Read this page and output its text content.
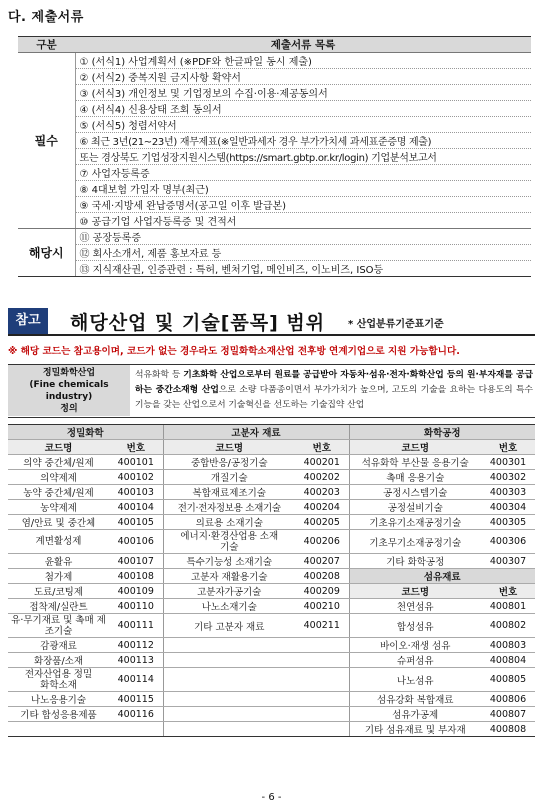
다. 제출서류
구분	제출서류 목록
필수	① (서식1) 사업계획서 (※PDF와 한글파일 동시 제출)
	② (서식2) 중복지원 금지사항 확약서
	③ (서식3) 개인정보 및 기업정보의 수집·이용·제공동의서
	④ (서식4) 신용상태 조회 동의서
	⑤ (서식5) 청렴서약서
	⑥ 최근 3년(21~23년) 재무제표(※일반과세자 경우 부가가치세 과세표준증명 제출)
	또는 경상북도 기업성장지원시스템(https://smart.gbtp.or.kr/login) 기업분석보고서
	⑦ 사업자등록증
	⑧ 4대보험 가입자 명부(최근)
	⑨ 국세·지방세 완납증명서(공고일 이후 발급본)
	⑩ 공급기업 사업자등록증 및 견적서
해당시	⑪ 공장등록증
	⑫ 회사소개서, 제품 홍보자료 등
	⑬ 지식재산권, 인증관련 : 특허, 벤처기업, 메인비즈, 이노비즈, ISO등
참고	해당산업 및 기술[품목] 범위 * 산업분류기준표기준
※ 해당 코드는 참고용이며, 코드가 없는 경우라도 정밀화학소재산업 전후방 연계기업으로 지원 가능합니다.
정밀화학산업
(Fine chemicals industry)
정의
석유화학 등 기초화학 산업으로부터 원료를 공급받아 자동차·섬유·전자·화학산업 등의 원·부자재를 공급하는 중간소재형 산업으로 소량 다품종이면서 부가가치가 높으며, 고도의 기술을 요하는 다용도의 특수기능을 갖는 산업으로서 기술혁신을 선도하는 기술집약 산업
정밀화학		고분자 재료		화학공정	
코드명	번호	코드명	번호	코드명	번호
의약 중간체/원제	400101	중합반응/공정기술	400201	석유화학 부산물 응용기술	400301
의약제제	400102	개질기술	400202	촉매 응용기술	400302
농약 중간체/원제	400103	복합재료제조기술	400203	공정시스템기술	400303
농약제제	400104	전기·전자정보용 소재기술	400204	공정설비기술	400304
염/안료 및 중간체	400105	의료용 소재기술	400205	기초유기소재공정기술	400305
계면활성제	400106	에너지·환경산업용 소재기술	400206	기초무기소재공정기술	400306
윤활유	400107	특수기능성 소재기술	400207	기타 화학공정	400307
첨가제	400108	고분자 재활용기술	400208	섬유재료	
도료/코팅제	400109	고분자가공기술	400209	코드명	번호
접착제/실란트	400110	나노소재기술	400210	천연섬유	400801
유·무기재료 및 촉매 제조기술	400111	기타 고분자 재료	400211	합성섬유	400802
감광재료	400112			바이오·재생 섬유	400803
화장품/소재	400113			슈퍼섬유	400804
전자산업용 정밀화학소재	400114			나노섬유	400805
나노응용기술	400115			섬유강화 복합재료	400806
기타 합성응용제품	400116			섬유가공제	400807
				기타 섬유재료 및 부자재	400808
- 6 -
